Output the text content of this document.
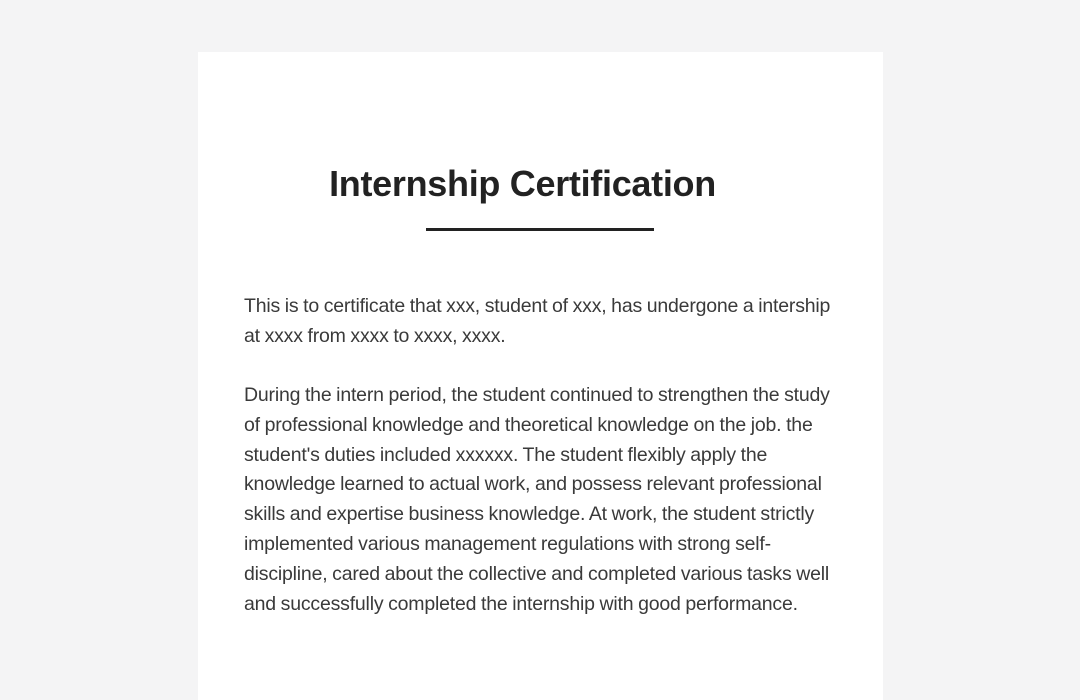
Internship Certification

This is to certificate that xxx, student of xxx, has undergone a intership at xxxx from xxxx to xxxx, xxxx.

During the intern period, the student continued to strengthen the study of professional knowledge and theoretical knowledge on the job. the student's duties included xxxxxx. The student flexibly apply the knowledge learned to actual work, and possess relevant professional skills and expertise business knowledge. At work, the student strictly implemented various management regulations with strong self-discipline, cared about the collective and completed various tasks well and successfully completed the internship with good performance.
